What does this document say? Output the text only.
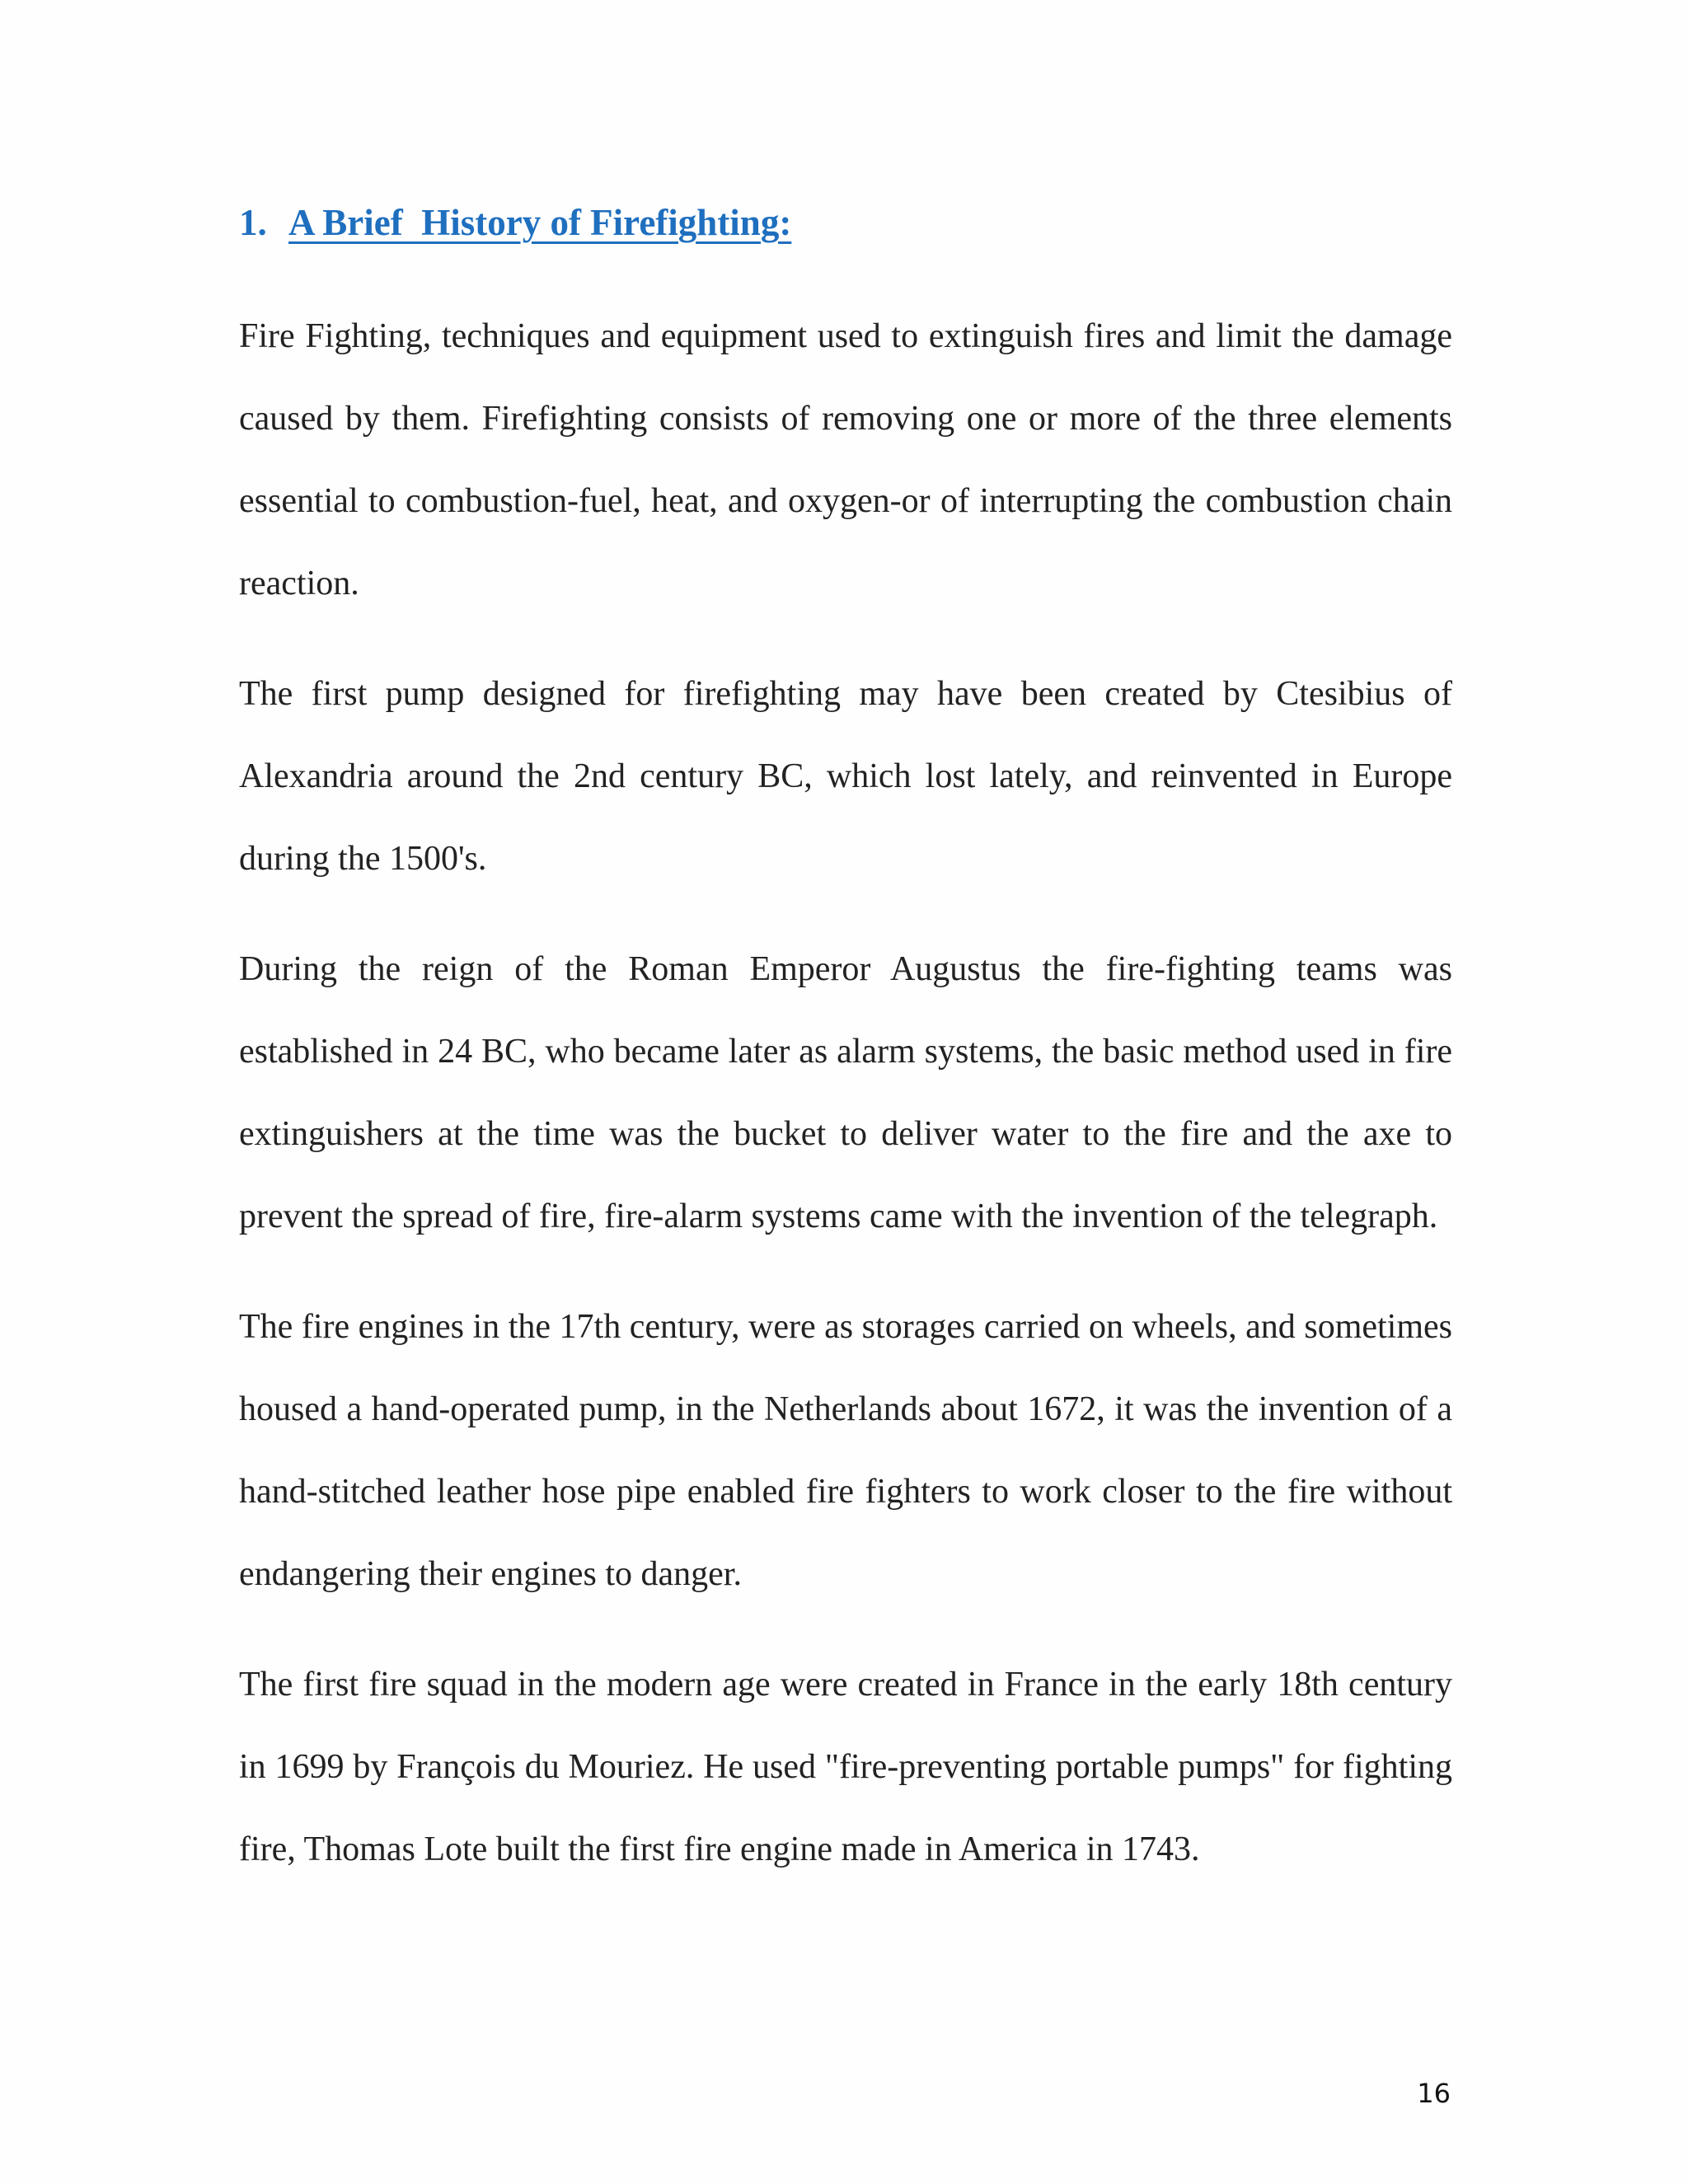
1. A Brief  History of Firefighting:

Fire Fighting, techniques and equipment used to extinguish fires and limit the damage caused by them. Firefighting consists of removing one or more of the three elements essential to combustion-fuel, heat, and oxygen-or of interrupting the combustion chain reaction.

The first pump designed for firefighting may have been created by Ctesibius of Alexandria around the 2nd century BC, which lost lately, and reinvented in Europe during the 1500's.

During the reign of the Roman Emperor Augustus the fire-fighting teams was established in 24 BC, who became later as alarm systems, the basic method used in fire extinguishers at the time was the bucket to deliver water to the fire and the axe to prevent the spread of fire, fire-alarm systems came with the invention of the telegraph.

The fire engines in the 17th century, were as storages carried on wheels, and sometimes housed a hand-operated pump, in the Netherlands about 1672, it was the invention of a hand-stitched leather hose pipe enabled fire fighters to work closer to the fire without endangering their engines to danger.

The first fire squad in the modern age were created in France in the early 18th century in 1699 by François du Mouriez. He used "fire-preventing portable pumps" for fighting fire, Thomas Lote built the first fire engine made in America in 1743.

16
